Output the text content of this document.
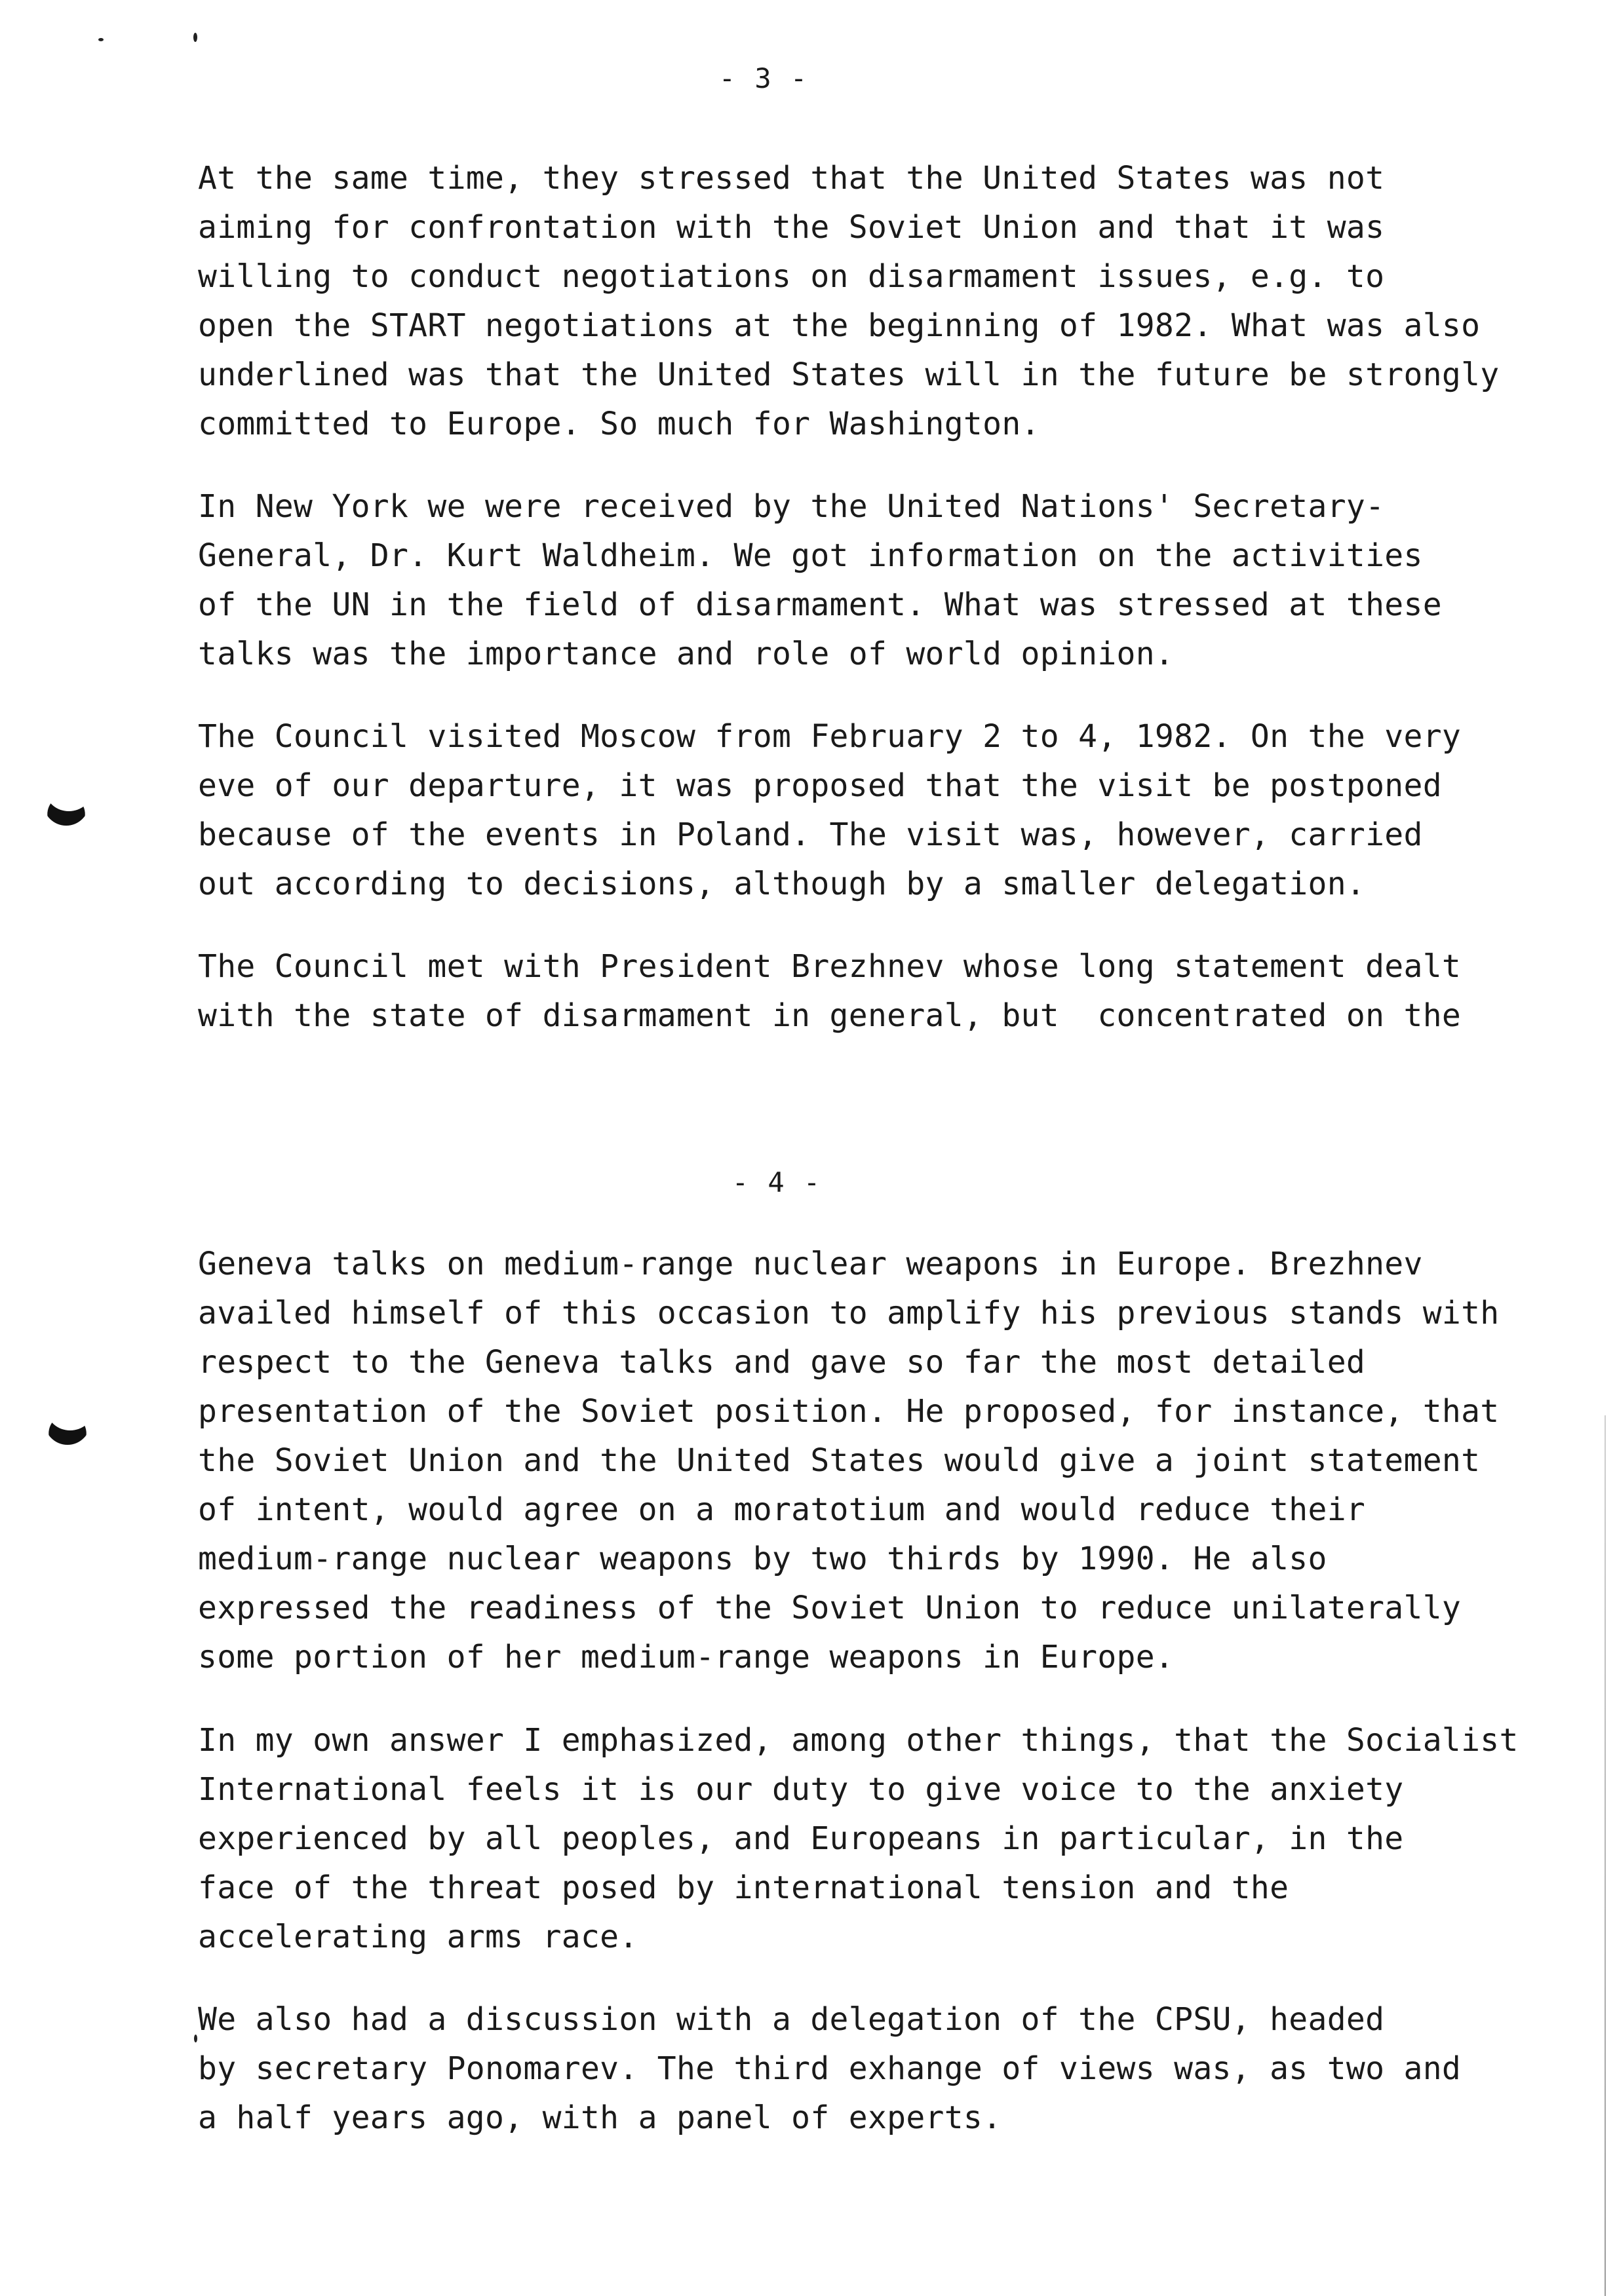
- 3 -
At the same time, they stressed that the United States was not
aiming for confrontation with the Soviet Union and that it was
willing to conduct negotiations on disarmament issues, e.g. to
open the START negotiations at the beginning of 1982. What was also
underlined was that the United States will in the future be strongly
committed to Europe. So much for Washington.
In New York we were received by the United Nations' Secretary-
General, Dr. Kurt Waldheim. We got information on the activities
of the UN in the field of disarmament. What was stressed at these
talks was the importance and role of world opinion.
The Council visited Moscow from February 2 to 4, 1982. On the very
eve of our departure, it was proposed that the visit be postponed
because of the events in Poland. The visit was, however, carried
out according to decisions, although by a smaller delegation.
The Council met with President Brezhnev whose long statement dealt
with the state of disarmament in general, but  concentrated on the
- 4 -
Geneva talks on medium-range nuclear weapons in Europe. Brezhnev
availed himself of this occasion to amplify his previous stands with
respect to the Geneva talks and gave so far the most detailed
presentation of the Soviet position. He proposed, for instance, that
the Soviet Union and the United States would give a joint statement
of intent, would agree on a moratotium and would reduce their
medium-range nuclear weapons by two thirds by 1990. He also
expressed the readiness of the Soviet Union to reduce unilaterally
some portion of her medium-range weapons in Europe.
In my own answer I emphasized, among other things, that the Socialist
International feels it is our duty to give voice to the anxiety
experienced by all peoples, and Europeans in particular, in the
face of the threat posed by international tension and the
accelerating arms race.
We also had a discussion with a delegation of the CPSU, headed
by secretary Ponomarev. The third exhange of views was, as two and
a half years ago, with a panel of experts.
